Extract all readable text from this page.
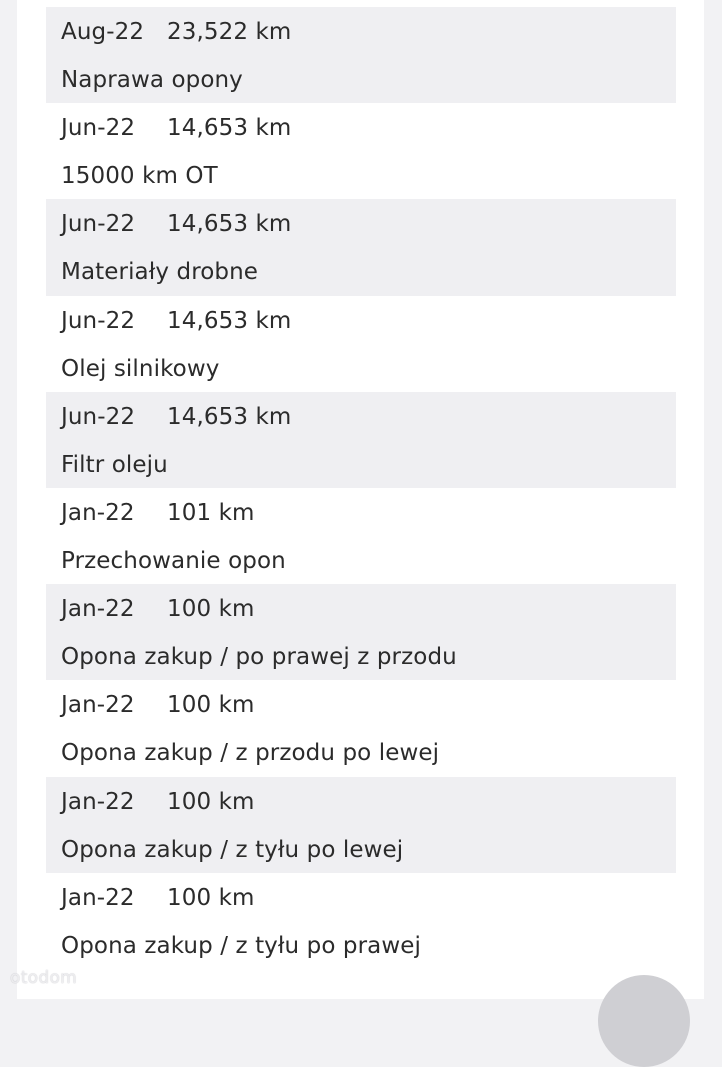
Aug-22 23,522 km
Naprawa opony
Jun-22 14,653 km
15000 km OT
Jun-22 14,653 km
Materiały drobne
Jun-22 14,653 km
Olej silnikowy
Jun-22 14,653 km
Filtr oleju
Jan-22 101 km
Przechowanie opon
Jan-22 100 km
Opona zakup / po prawej z przodu
Jan-22 100 km
Opona zakup / z przodu po lewej
Jan-22 100 km
Opona zakup / z tyłu po lewej
Jan-22 100 km
Opona zakup / z tyłu po prawej
otodom
